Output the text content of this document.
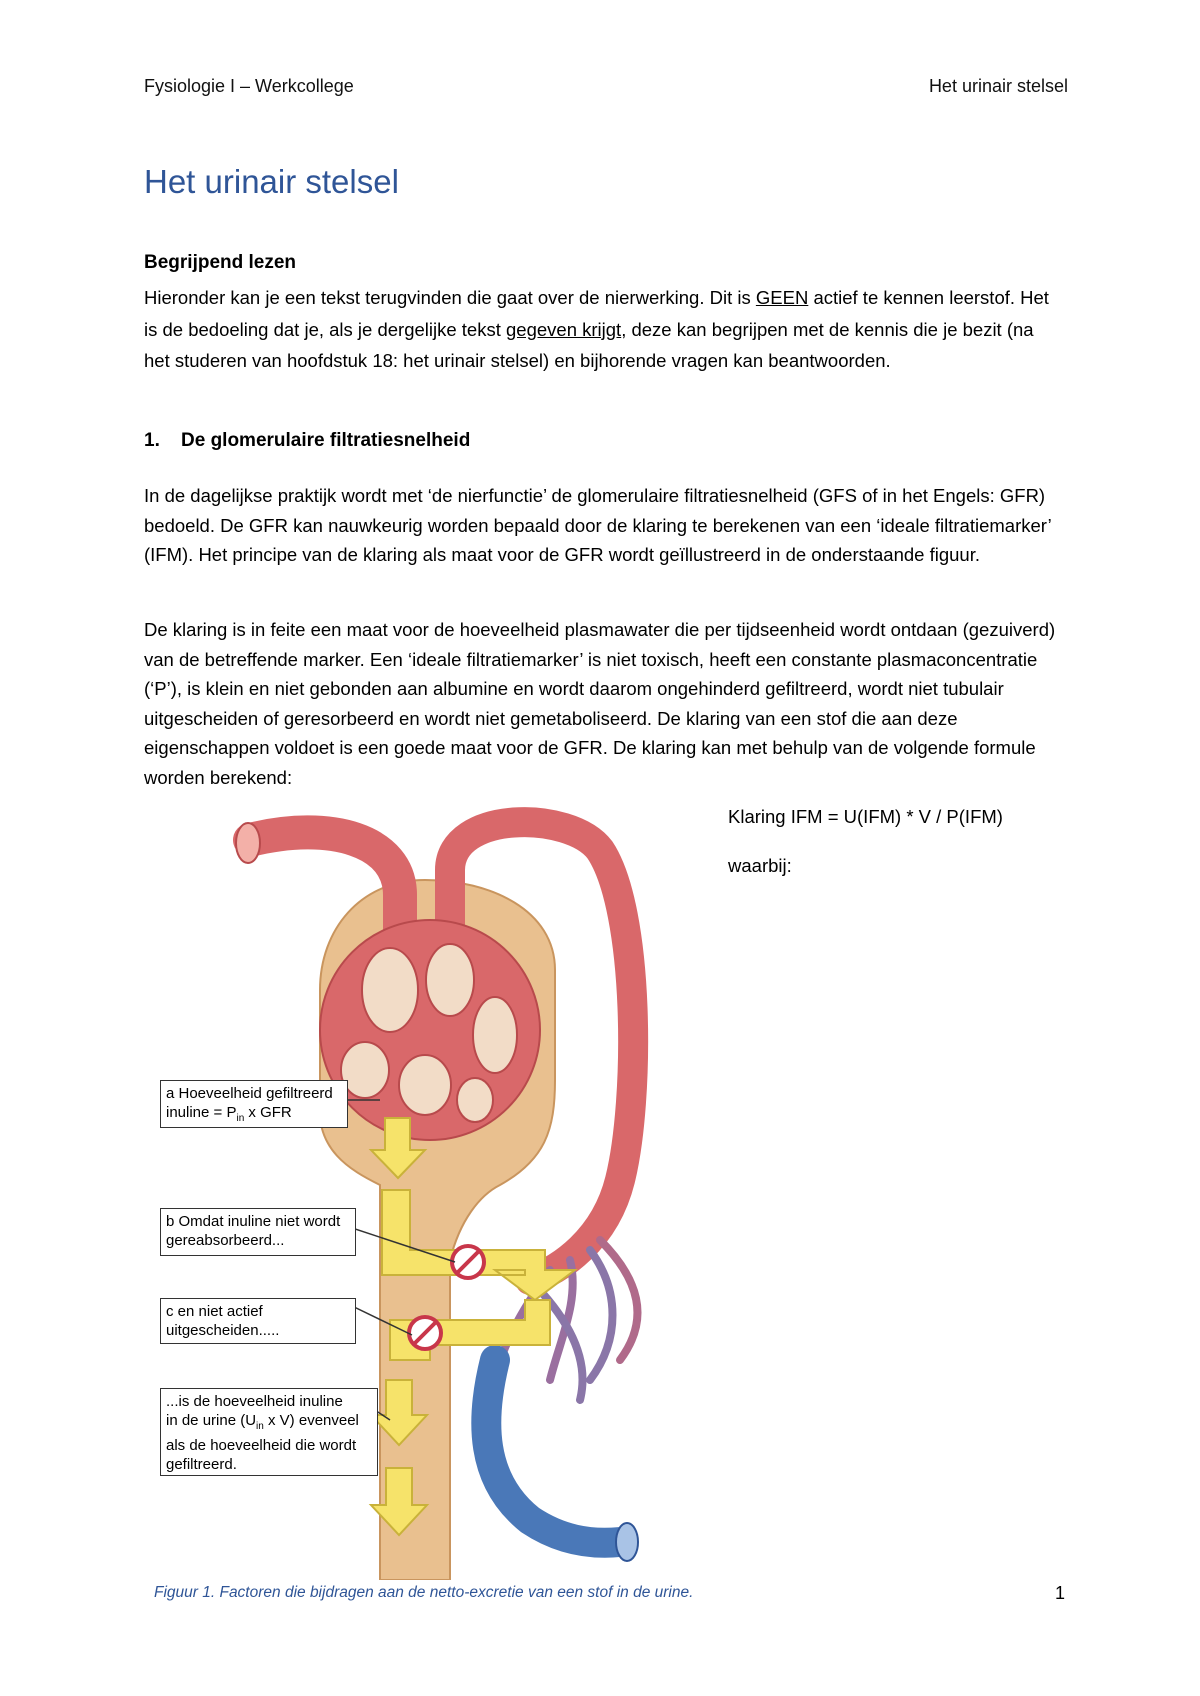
Fysiologie I – Werkcollege	Het urinair stelsel
Het urinair stelsel
Begrijpend lezen
Hieronder kan je een tekst terugvinden die gaat over de nierwerking. Dit is GEEN actief te kennen leerstof. Het is de bedoeling dat je, als je dergelijke tekst gegeven krijgt, deze kan begrijpen met de kennis die je bezit (na het studeren van hoofdstuk 18: het urinair stelsel) en bijhorende vragen kan beantwoorden.
1. De glomerulaire filtratiesnelheid
In de dagelijkse praktijk wordt met ‘de nierfunctie’ de glomerulaire filtratiesnelheid (GFS of in het Engels: GFR) bedoeld. De GFR kan nauwkeurig worden bepaald door de klaring te berekenen van een ‘ideale filtratiemarker’ (IFM). Het principe van de klaring als maat voor de GFR wordt geïllustreerd in de onderstaande figuur.
De klaring is in feite een maat voor de hoeveelheid plasmawater die per tijdseenheid wordt ontdaan (gezuiverd) van de betreffende marker. Een ‘ideale filtratiemarker’ is niet toxisch, heeft een constante plasmaconcentratie (‘P’), is klein en niet gebonden aan albumine en wordt daarom ongehinderd gefiltreerd, wordt niet tubulair uitgescheiden of geresorbeerd en wordt niet gemetaboliseerd. De klaring van een stof die aan deze eigenschappen voldoet is een goede maat voor de GFR. De klaring kan met behulp van de volgende formule worden berekend:
Klaring IFM = U(IFM) * V / P(IFM)
waarbij:
a Hoeveelheid gefiltreerd
inuline = $P_{in}$ x GFR
b Omdat inuline niet wordt
gereabsorbeerd...
c en niet actief
uitgescheiden.....
...is de hoeveelheid inuline
in de urine ($U_{in}$ x V) evenveel
als de hoeveelheid die wordt
gefiltreerd.
Figuur 1. Factoren die bijdragen aan de netto-excretie van een stof in de urine.	1
